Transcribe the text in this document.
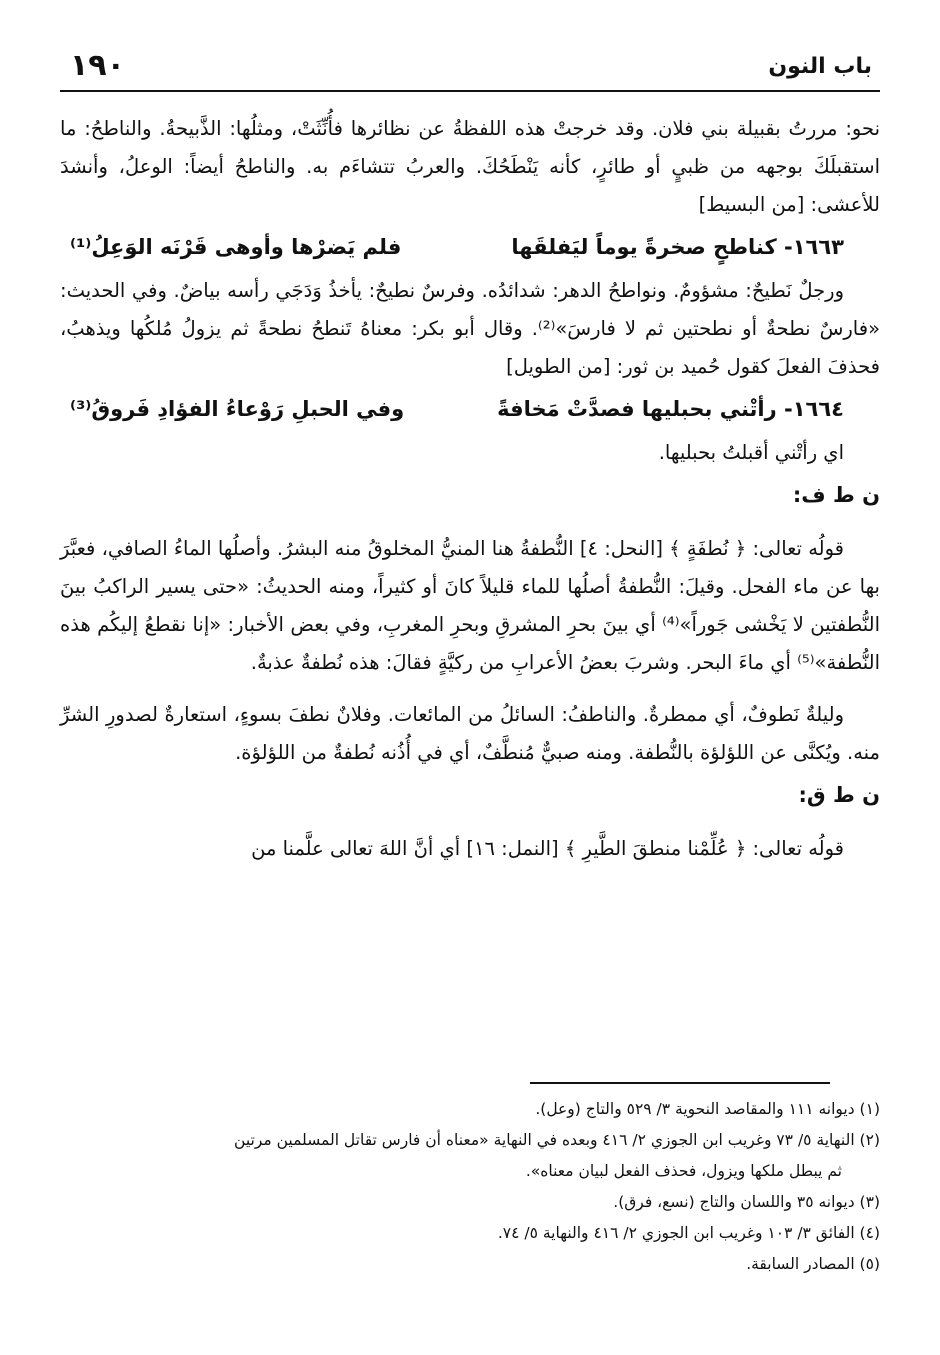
باب النون
١٩٠

نحو: مررتُ بقبيلة بني فلان. وقد خرجتْ هذه اللفظةُ عن نظائرها فأُنِّثَتْ، ومثلُها: الذَّبيحةُ. والناطحُ: ما استقبلَكَ بوجهه من ظبيٍ أو طائرٍ، كأنه يَنْطَحُكَ. والعربُ تتشاءَم به. والناطحُ أيضاً: الوعلُ، وأنشدَ للأعشى: [من البسيط]

١٦٦٣- كناطحٍ صخرةً يوماً ليَفلقَها
فلم يَضرْها وأوهى قَرْنَه الوَعِلُ⁽¹⁾

ورجلٌ نَطيحٌ: مشؤومٌ. ونواطحُ الدهر: شدائدُه. وفرسٌ نطيحٌ: يأخذُ وَدَجَي رأسه بياضٌ. وفي الحديث: «فارسٌ نطحةٌ أو نطحتين ثم لا فارسَ»⁽²⁾. وقال أبو بكر: معناهُ تَنطحُ نطحةً ثم يزولُ مُلكُها ويذهبُ، فحذفَ الفعلَ كقول حُميد بن ثور: [من الطويل]

١٦٦٤- رأتْني بحبليها فصدَّتْ مَخافةً
وفي الحبلِ رَوْعاءُ الفؤادِ فَروقُ⁽³⁾

اي رأتْني أقبلتُ بحبليها.

ن ط ف:

قولُه تعالى: ﴿ نُطفَةٍ ﴾ [النحل: ٤] النُّطفةُ هنا المنيُّ المخلوقُ منه البشرُ. وأصلُها الماءُ الصافي، فعبَّرَ بها عن ماء الفحل. وقيلَ: النُّطفةُ أصلُها للماء قليلاً كانَ أو كثيراً، ومنه الحديثُ: «حتى يسير الراكبُ بينَ النُّطفتين لا يَخْشى جَوراً»⁽⁴⁾ أي بينَ بحرِ المشرقِ وبحرِ المغربِ، وفي بعض الأخبار: «إنا نقطعُ إليكُم هذه النُّطفة»⁽⁵⁾ أي ماءَ البحر. وشربَ بعضُ الأعرابِ من ركيَّةٍ فقالَ: هذه نُطفةٌ عذبةٌ.

وليلةٌ نَطوفٌ، أي ممطرةٌ. والناطفُ: السائلُ من المائعات. وفلانٌ نطفَ بسوءٍ، استعارةٌ لصدورِ الشرِّ منه. ويُكنَّى عن اللؤلؤة بالنُّطفة. ومنه صبيٌّ مُنطَّفٌ، أي في أُذُنه نُطفةٌ من اللؤلؤة.

ن ط ق:

قولُه تعالى: ﴿ عُلِّمْنا منطقَ الطَّيرِ ﴾ [النمل: ١٦] أي أنَّ اللهَ تعالى علَّمنا من

(١) ديوانه ١١١ والمقاصد النحوية ٣/ ٥٢٩ والتاج (وعل).
(٢) النهاية ٥/ ٧٣ وغريب ابن الجوزي ٢/ ٤١٦ وبعده في النهاية «معناه أن فارس تقاتل المسلمين مرتين
ثم يبطل ملكها ويزول، فحذف الفعل لبيان معناه».
(٣) ديوانه ٣٥ واللسان والتاج (نسع، فرق).
(٤) الفائق ٣/ ١٠٣ وغريب ابن الجوزي ٢/ ٤١٦ والنهاية ٥/ ٧٤.
(٥) المصادر السابقة.
